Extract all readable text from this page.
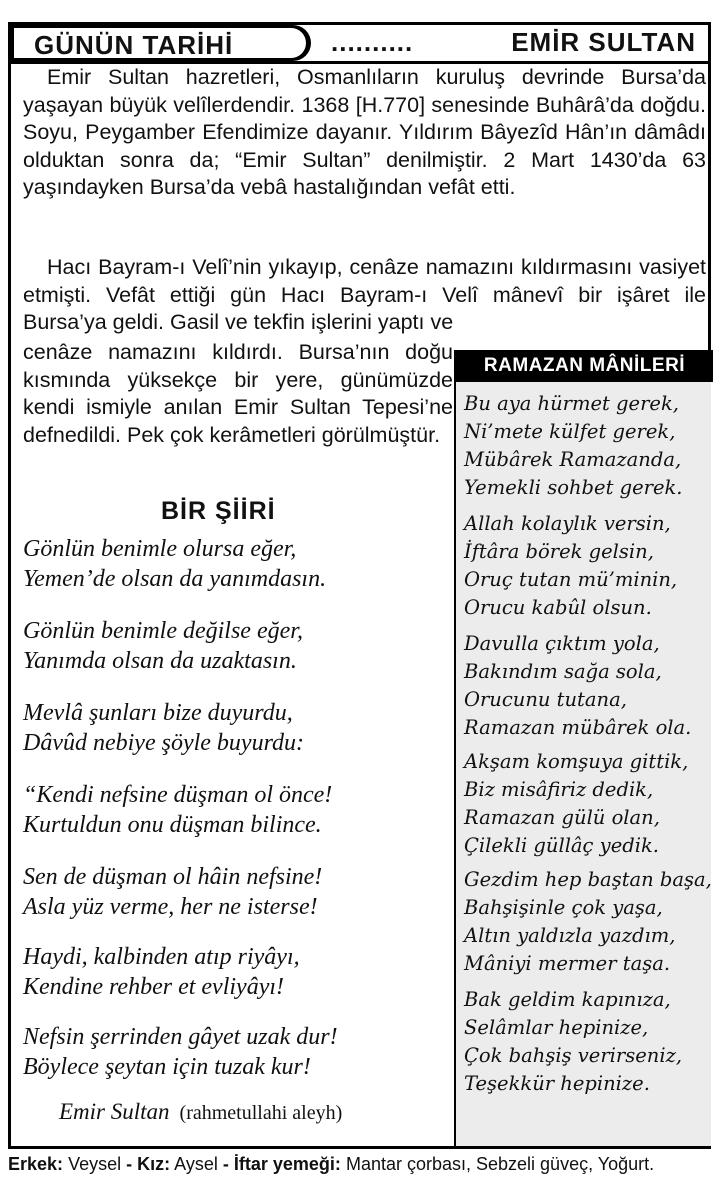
GÜNÜN TARİHİ	..........	EMİR SULTAN

Emir Sultan hazretleri, Osmanlıların kuruluş devrinde Bursa’da yaşayan büyük velîlerdendir. 1368 [H.770] senesinde Buhârâ’da doğdu. Soyu, Peygamber Efendimize dayanır. Yıldırım Bâyezîd Hân’ın dâmâdı olduktan sonra da; “Emir Sultan” denilmiştir. 2 Mart 1430’da 63 yaşındayken Bursa’da vebâ hastalığından vefât etti.

Hacı Bayram-ı Velî’nin yıkayıp, cenâze namazını kıldırmasını vasiyet etmişti. Vefât ettiği gün Hacı Bayram-ı Velî mânevî bir işâret ile Bursa’ya geldi. Gasil ve tekfin işlerini yaptı ve

cenâze namazını kıldırdı. Bursa’nın doğu kısmında yüksekçe bir yere, günümüzde kendi ismiyle anılan Emir Sultan Tepesi’ne defnedildi. Pek çok kerâmetleri görülmüştür.

BİR ŞİİRİ
Gönlün benimle olursa eğer,
Yemen’de olsan da yanımdasın.
Gönlün benimle değilse eğer,
Yanımda olsan da uzaktasın.
Mevlâ şunları bize duyurdu,
Dâvûd nebiye şöyle buyurdu:
“Kendi nefsine düşman ol önce!
Kurtuldun onu düşman bilince.
Sen de düşman ol hâin nefsine!
Asla yüz verme, her ne isterse!
Haydi, kalbinden atıp riyâyı,
Kendine rehber et evliyâyı!
Nefsin şerrinden gâyet uzak dur!
Böylece şeytan için tuzak kur!
Emir Sultan (rahmetullahi aleyh)
RAMAZAN MÂNİLERİ
Bu aya hürmet gerek,
Ni’mete külfet gerek,
Mübârek Ramazanda,
Yemekli sohbet gerek.
Allah kolaylık versin,
İftâra börek gelsin,
Oruç tutan mü’minin,
Orucu kabûl olsun.
Davulla çıktım yola,
Bakındım sağa sola,
Orucunu tutana,
Ramazan mübârek ola.
Akşam komşuya gittik,
Biz misâfiriz dedik,
Ramazan gülü olan,
Çilekli güllâç yedik.
Gezdim hep baştan başa,
Bahşişinle çok yaşa,
Altın yaldızla yazdım,
Mâniyi mermer taşa.
Bak geldim kapınıza,
Selâmlar hepinize,
Çok bahşiş verirseniz,
Teşekkür hepinize.
Erkek: Veysel - Kız: Aysel - İftar yemeği: Mantar çorbası, Sebzeli güveç, Yoğurt.
